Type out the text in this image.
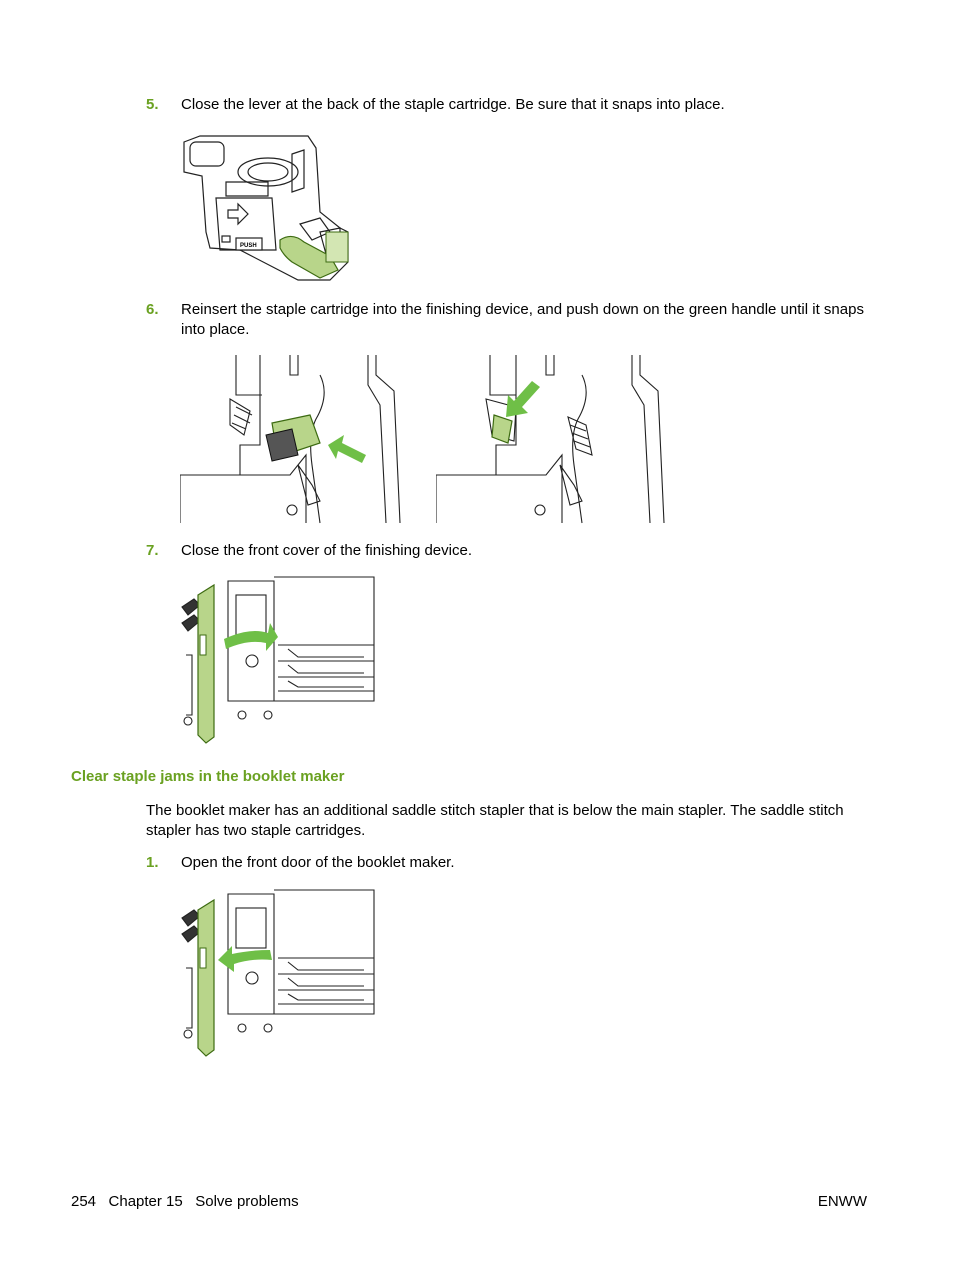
5. Close the lever at the back of the staple cartridge. Be sure that it snaps into place.
PUSH
6. Reinsert the staple cartridge into the finishing device, and push down on the green handle until it snaps into place.
7. Close the front cover of the finishing device.
Clear staple jams in the booklet maker
The booklet maker has an additional saddle stitch stapler that is below the main stapler. The saddle stitch stapler has two staple cartridges.
1. Open the front door of the booklet maker.
254   Chapter 15   Solve problems	ENWW
